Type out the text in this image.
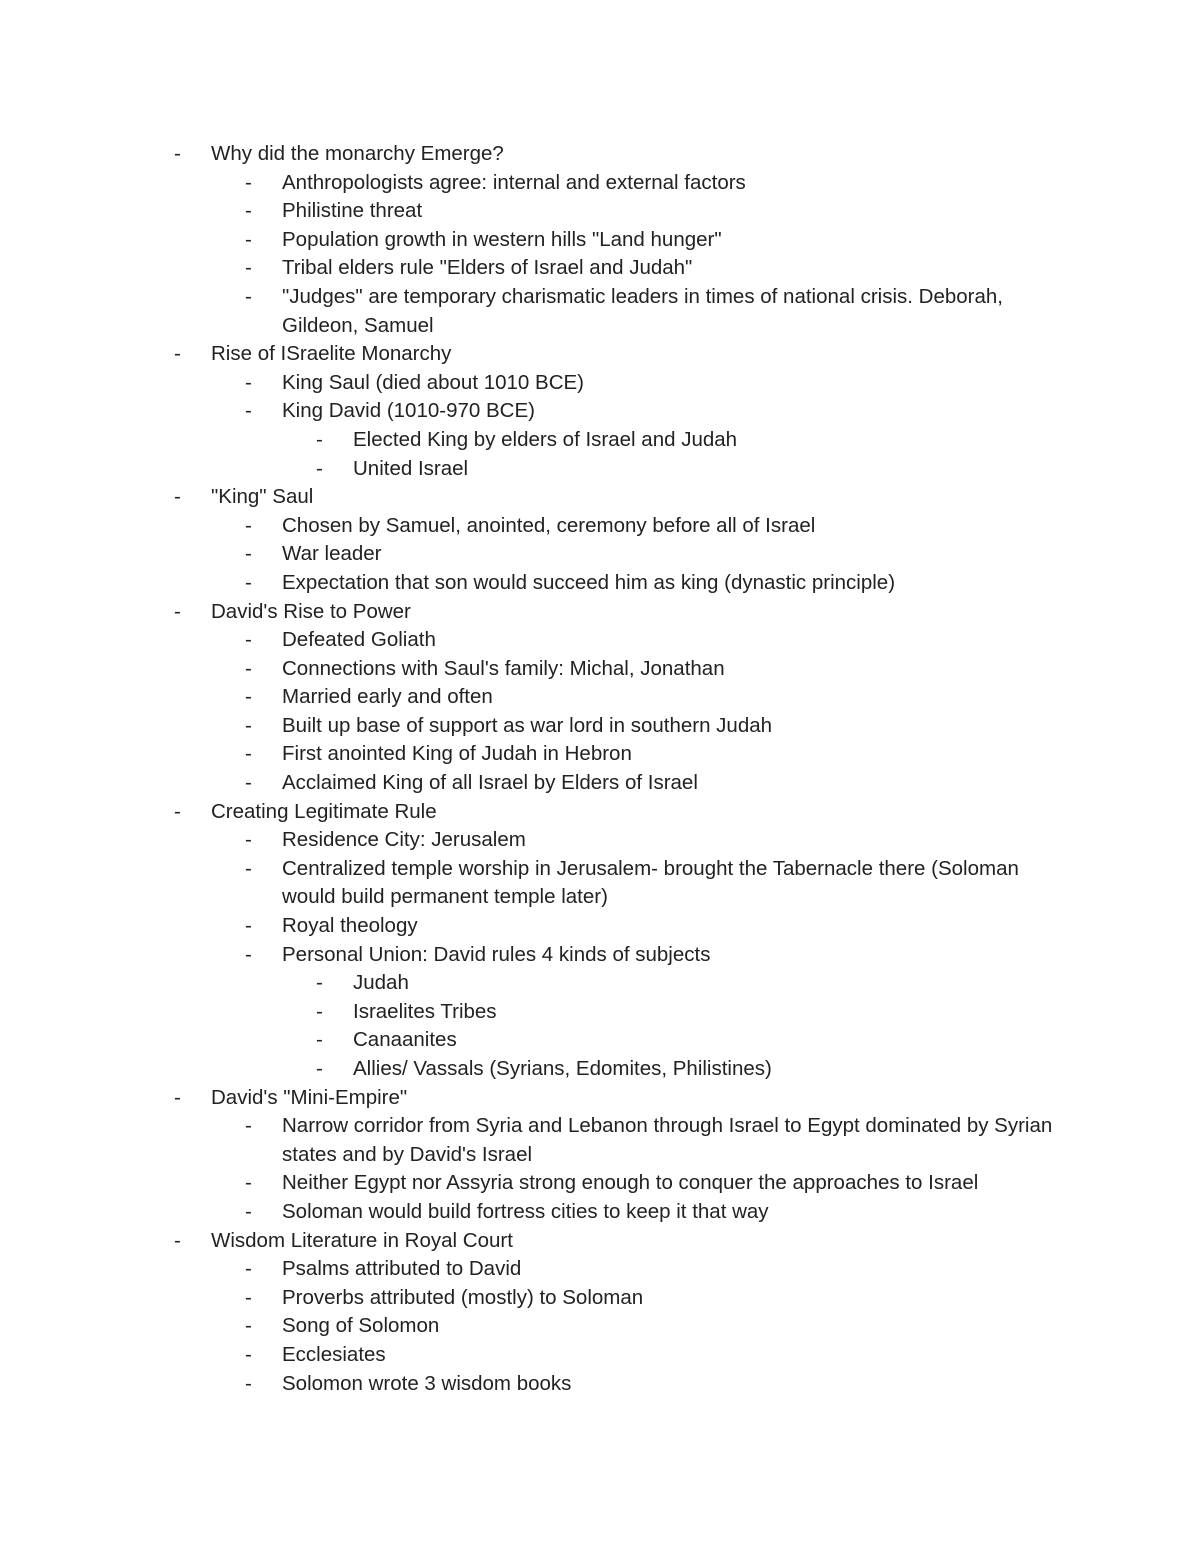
- Why did the monarchy Emerge?
- Anthropologists agree: internal and external factors
- Philistine threat
- Population growth in western hills "Land hunger"
- Tribal elders rule "Elders of Israel and Judah"
- "Judges" are temporary charismatic leaders in times of national crisis. Deborah, Gildeon, Samuel
- Rise of ISraelite Monarchy
- King Saul (died about 1010 BCE)
- King David (1010-970 BCE)
- Elected King by elders of Israel and Judah
- United Israel
- "King" Saul
- Chosen by Samuel, anointed, ceremony before all of Israel
- War leader
- Expectation that son would succeed him as king (dynastic principle)
- David's Rise to Power
- Defeated Goliath
- Connections with Saul's family: Michal, Jonathan
- Married early and often
- Built up base of support as war lord in southern Judah
- First anointed King of Judah in Hebron
- Acclaimed King of all Israel by Elders of Israel
- Creating Legitimate Rule
- Residence City: Jerusalem
- Centralized temple worship in Jerusalem- brought the Tabernacle there (Soloman would build permanent temple later)
- Royal theology
- Personal Union: David rules 4 kinds of subjects
- Judah
- Israelites Tribes
- Canaanites
- Allies/ Vassals (Syrians, Edomites, Philistines)
- David's "Mini-Empire"
- Narrow corridor from Syria and Lebanon through Israel to Egypt dominated by Syrian states and by David's Israel
- Neither Egypt nor Assyria strong enough to conquer the approaches to Israel
- Soloman would build fortress cities to keep it that way
- Wisdom Literature in Royal Court
- Psalms attributed to David
- Proverbs attributed (mostly) to Soloman
- Song of Solomon
- Ecclesiates
- Solomon wrote 3 wisdom books
